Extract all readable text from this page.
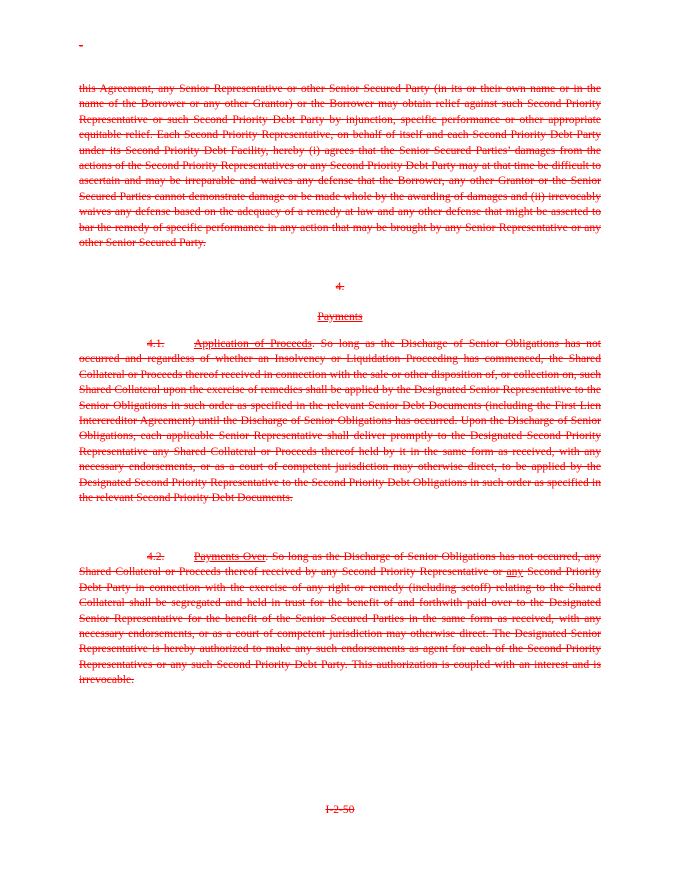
-

this Agreement, any Senior Representative or other Senior Secured Party (in its or their own name or in the name of the Borrower or any other Grantor) or the Borrower may obtain relief against such Second Priority Representative or such Second Priority Debt Party by injunction, specific performance or other appropriate equitable relief. Each Second Priority Representative, on behalf of itself and each Second Priority Debt Party under its Second Priority Debt Facility, hereby (i) agrees that the Senior Secured Parties’ damages from the actions of the Second Priority Representatives or any Second Priority Debt Party may at that time be difficult to ascertain and may be irreparable and waives any defense that the Borrower, any other Grantor or the Senior Secured Parties cannot demonstrate damage or be made whole by the awarding of damages and (ii) irrevocably waives any defense based on the adequacy of a remedy at law and any other defense that might be asserted to bar the remedy of specific performance in any action that may be brought by any Senior Representative or any other Senior Secured Party.

4.
Payments

4.1.	Application of Proceeds. So long as the Discharge of Senior Obligations has not occurred and regardless of whether an Insolvency or Liquidation Proceeding has commenced, the Shared Collateral or Proceeds thereof received in connection with the sale or other disposition of, or collection on, such Shared Collateral upon the exercise of remedies shall be applied by the Designated Senior Representative to the Senior Obligations in such order as specified in the relevant Senior Debt Documents (including the First Lien Intercreditor Agreement) until the Discharge of Senior Obligations has occurred. Upon the Discharge of Senior Obligations, each applicable Senior Representative shall deliver promptly to the Designated Second Priority Representative any Shared Collateral or Proceeds thereof held by it in the same form as received, with any necessary endorsements, or as a court of competent jurisdiction may otherwise direct, to be applied by the Designated Second Priority Representative to the Second Priority Debt Obligations in such order as specified in the relevant Second Priority Debt Documents.

4.2.	Payments Over. So long as the Discharge of Senior Obligations has not occurred, any Shared Collateral or Proceeds thereof received by any Second Priority Representative or any Second Priority Debt Party in connection with the exercise of any right or remedy (including setoff) relating to the Shared Collateral shall be segregated and held in trust for the benefit of and forthwith paid over to the Designated Senior Representative for the benefit of the Senior Secured Parties in the same form as received, with any necessary endorsements, or as a court of competent jurisdiction may otherwise direct. The Designated Senior Representative is hereby authorized to make any such endorsements as agent for each of the Second Priority Representatives or any such Second Priority Debt Party. This authorization is coupled with an interest and is irrevocable.

I-2-50
